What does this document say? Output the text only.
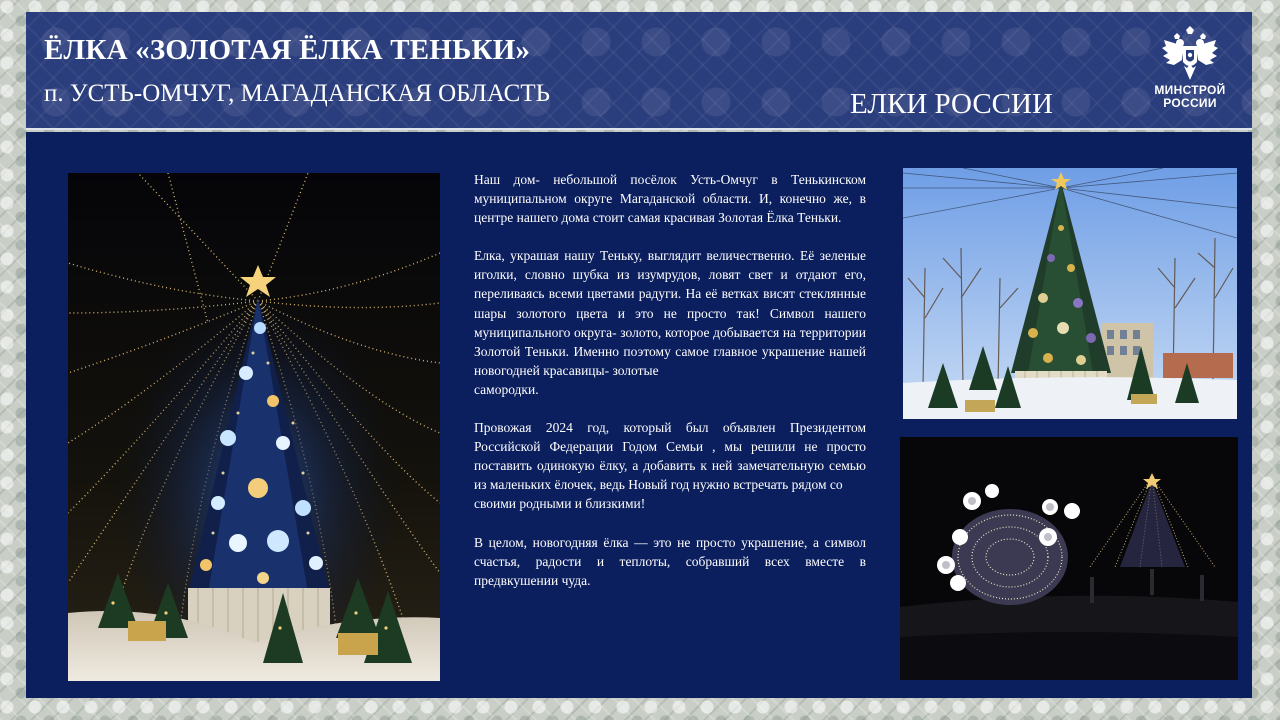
ЁЛКА «ЗОЛОТАЯ ЁЛКА ТЕНЬКИ»
п. УСТЬ-ОМЧУГ, МАГАДАНСКАЯ ОБЛАСТЬ	ЕЛКИ РОССИИ	МИНСТРОЙ
РОССИИ

Наш дом- небольшой посёлок Усть-Омчуг в Тенькинском муниципальном округе Магаданской области. И, конечно же, в центре нашего дома стоит самая красивая Золотая Ёлка Теньки.

Елка, украшая нашу Теньку, выглядит величественно. Её зеленые иголки, словно шубка из изумрудов, ловят свет и отдают его, переливаясь всеми цветами радуги. На её ветках висят стеклянные шары золотого цвета и это не просто так! Символ нашего муниципального округа- золото, которое добывается на территории Золотой Теньки. Именно поэтому самое главное украшение нашей новогодней красавицы- золотые
самородки.

Провожая 2024 год, который был объявлен Президентом Российской Федерации Годом Семьи , мы решили не просто поставить одинокую ёлку, а добавить к ней замечательную семью из маленьких ёлочек, ведь Новый год нужно встречать рядом со
своими родными и близкими!

В целом, новогодняя ёлка — это не просто украшение, а символ счастья, радости и теплоты, собравший всех вместе в предвкушении чуда.
